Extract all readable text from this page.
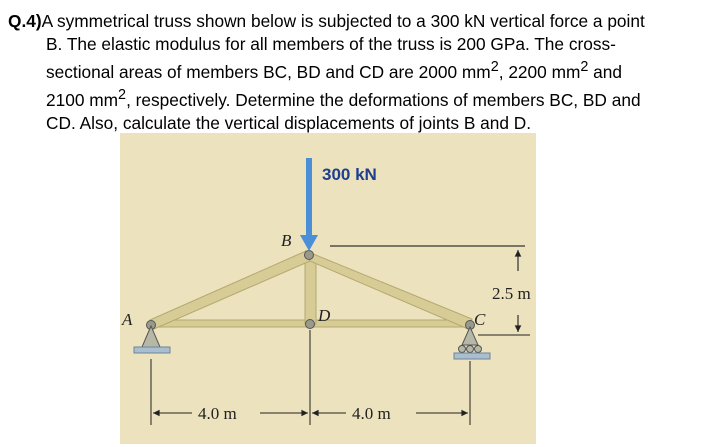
Q.4)A symmetrical truss shown below is subjected to a 300 kN vertical force a point
B. The elastic modulus for all members of the truss is 200 GPa. The cross-
sectional areas of members BC, BD and CD are 2000 $mm^2$, 2200 $mm^2$ and
2100 $mm^2$, respectively. Determine the deformations of members BC, BD and
CD. Also, calculate the vertical displacements of joints B and D.
300 kN
B
A	D	C
2.5 m
4.0 m	4.0 m
